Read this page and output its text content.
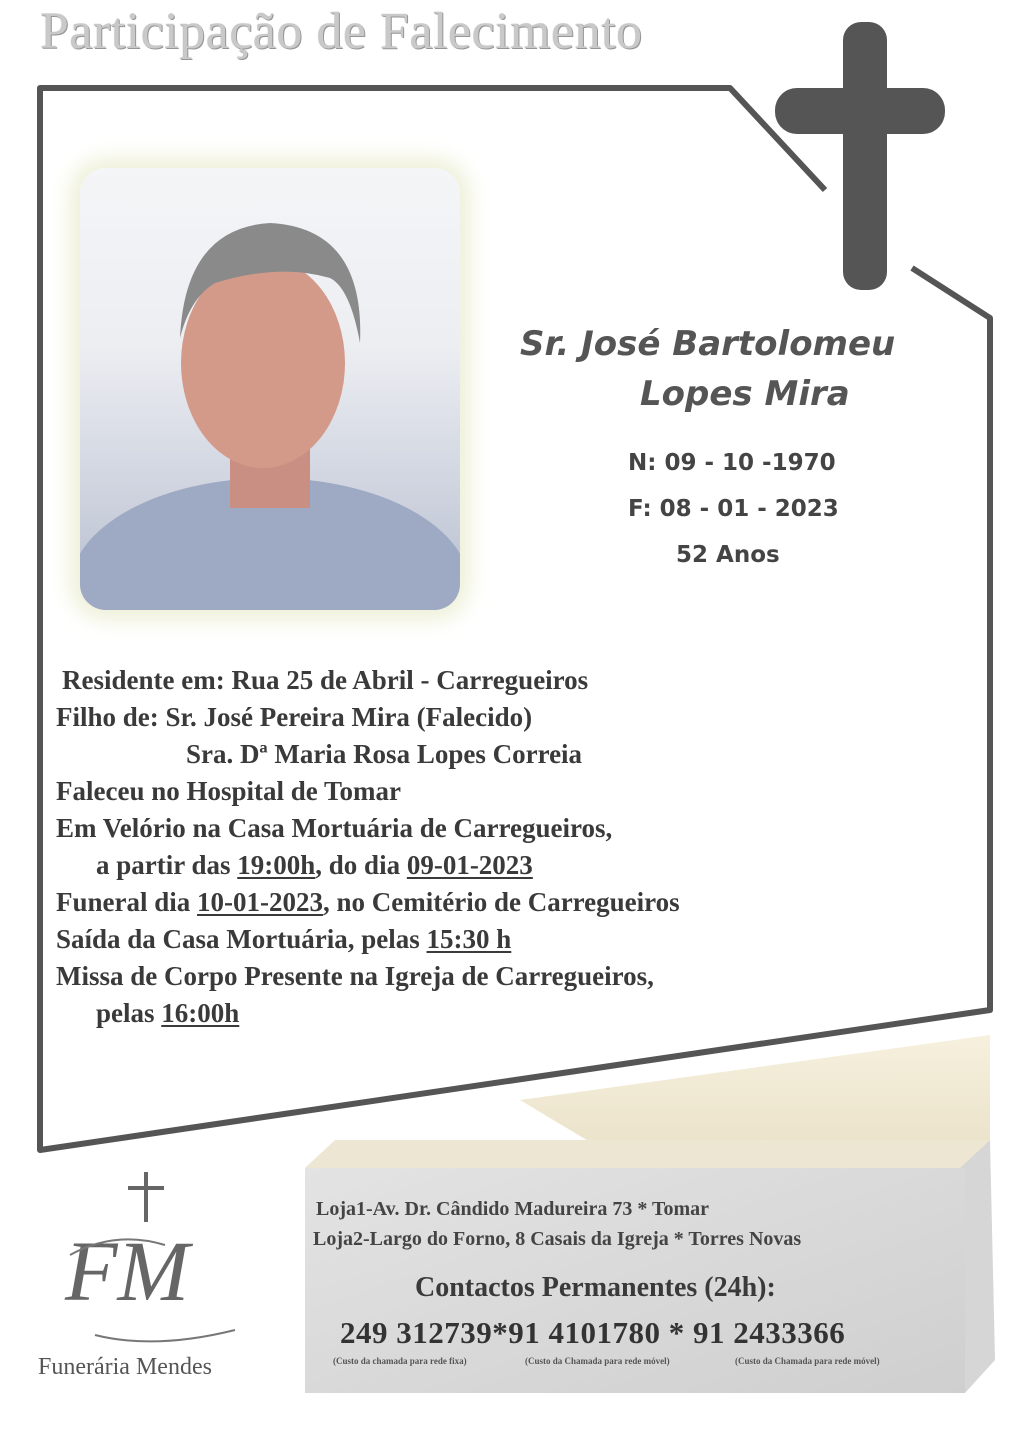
Participação de Falecimento
Sr. José Bartolomeu
Lopes Mira
N: 09 - 10 -1970
F: 08 - 01 - 2023
52 Anos
Residente em: Rua 25 de Abril - Carregueiros
Filho de: Sr. José Pereira Mira (Falecido)
Sra. Dª Maria Rosa Lopes Correia
Faleceu no Hospital de Tomar
Em Velório na Casa Mortuária de Carregueiros,
a partir das 19:00h, do dia 09-01-2023
Funeral dia 10-01-2023, no Cemitério de Carregueiros
Saída da Casa Mortuária, pelas 15:30 h
Missa de Corpo Presente na Igreja de Carregueiros,
pelas 16:00h
FM
Funerária Mendes
Loja1-Av. Dr. Cândido Madureira 73 * Tomar
Loja2-Largo do Forno, 8 Casais da Igreja * Torres Novas
Contactos Permanentes (24h):
249 312739*91 4101780 * 91 2433366
(Custo da chamada para rede fixa)	(Custo da Chamada para rede móvel)	(Custo da Chamada para rede móvel)
